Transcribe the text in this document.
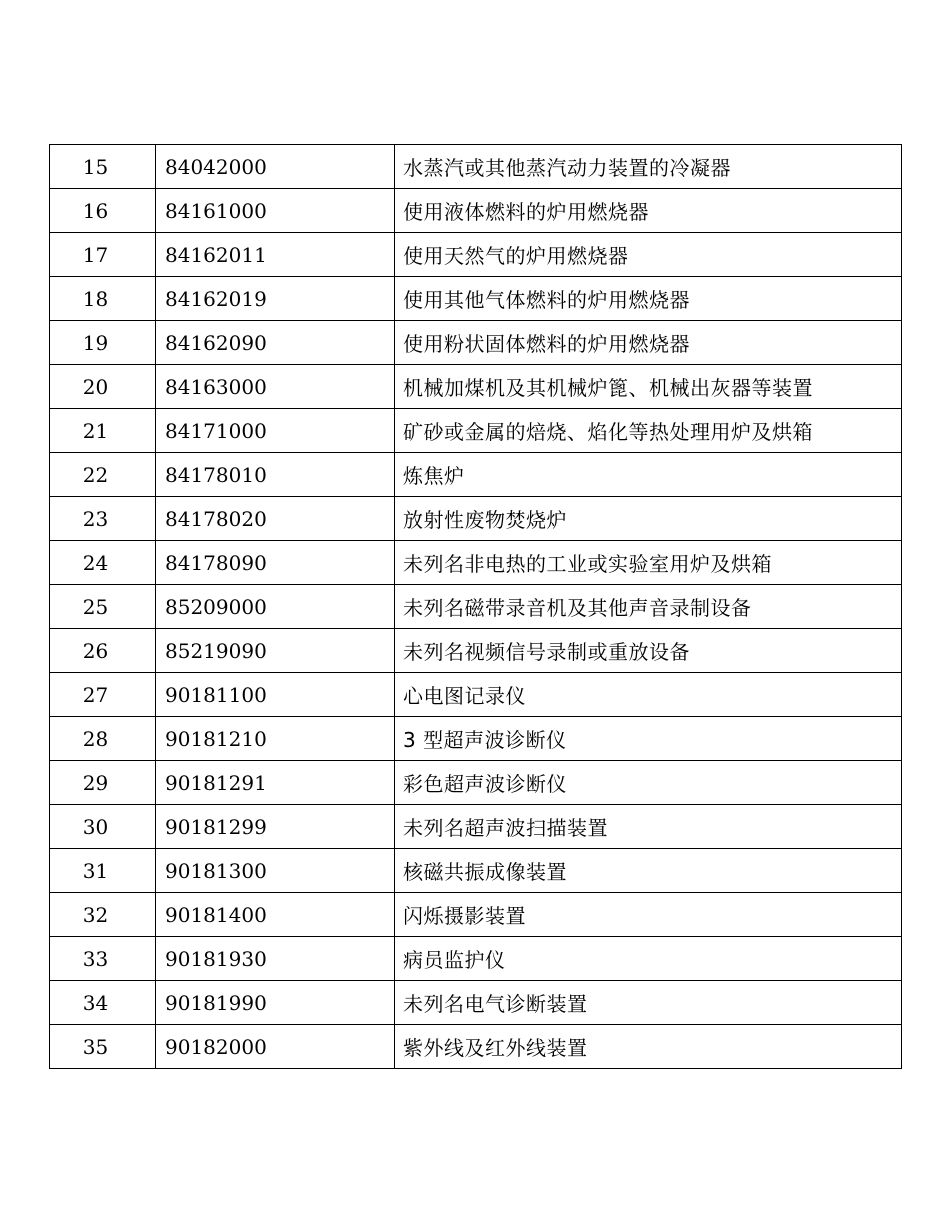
15	84042000	水蒸汽或其他蒸汽动力装置的冷凝器
16	84161000	使用液体燃料的炉用燃烧器
17	84162011	使用天然气的炉用燃烧器
18	84162019	使用其他气体燃料的炉用燃烧器
19	84162090	使用粉状固体燃料的炉用燃烧器
20	84163000	机械加煤机及其机械炉篦、机械出灰器等装置
21	84171000	矿砂或金属的焙烧、焰化等热处理用炉及烘箱
22	84178010	炼焦炉
23	84178020	放射性废物焚烧炉
24	84178090	未列名非电热的工业或实验室用炉及烘箱
25	85209000	未列名磁带录音机及其他声音录制设备
26	85219090	未列名视频信号录制或重放设备
27	90181100	心电图记录仪
28	90181210	3 型超声波诊断仪
29	90181291	彩色超声波诊断仪
30	90181299	未列名超声波扫描装置
31	90181300	核磁共振成像装置
32	90181400	闪烁摄影装置
33	90181930	病员监护仪
34	90181990	未列名电气诊断装置
35	90182000	紫外线及红外线装置
